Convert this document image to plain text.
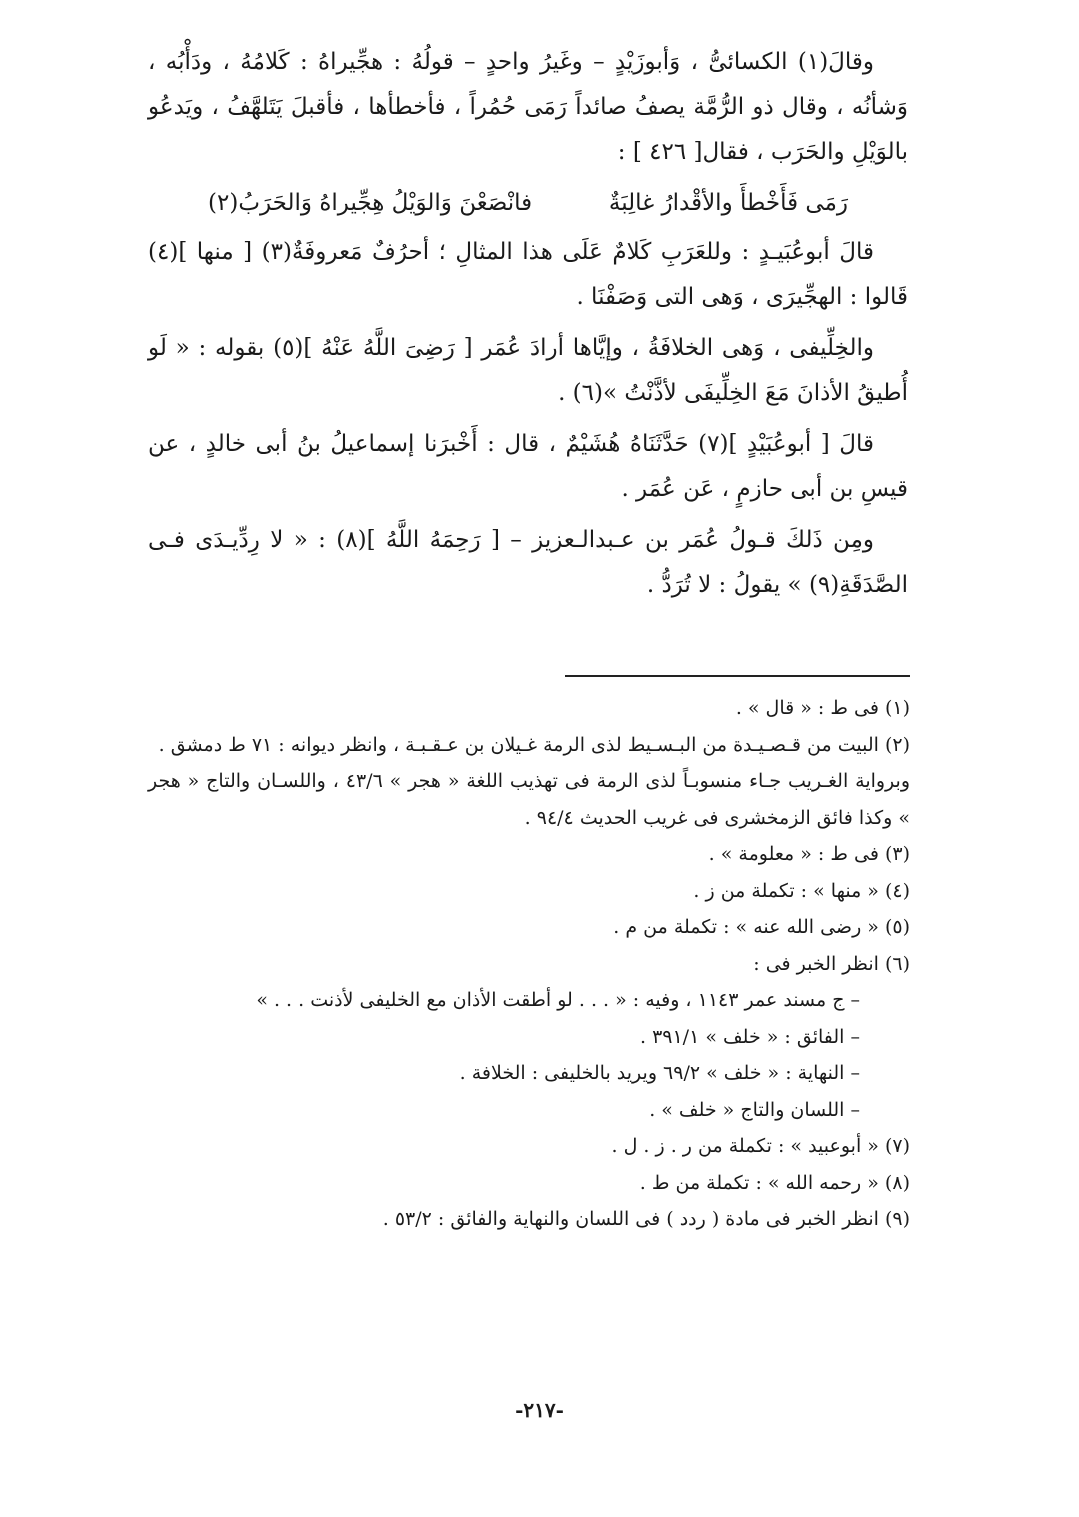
وقالَ(١) الكسائىُّ ، وَأبوزَيْدٍ – وغَيرُ واحدٍ – قولُهُ : هجِّيراهُ : كَلامُهُ ، ودَأْبُه ، وَشأنُه ، وقال ذو الرُّمَّة يصفُ صائداً رَمَى حُمُراً ، فأخطأها ، فأقبلَ يَتَلهَّفُ ، ويَدعُو بالوَيْلِ والحَرَب ، فقال[ ٤٢٦ ] :

رَمَى فَأَخْطأَ والأقْدارُ غالِبَةٌ
فانْصَعْنَ وَالوَيْلُ هِجِّيراهُ وَالحَرَبُ(٢)

قالَ أبوعُبَيـدٍ : وللعَرَبِ كَلامٌ عَلَى هذا المثالِ ؛ أحرُفٌ مَعروفَةٌ(٣) [ منها ](٤) قَالوا : الهجِّيرَى ، وَهى التى وَصَفْنَا .

والخِلِّيفى ، وَهى الخلافَةُ ، وإيَّاها أرادَ عُمَر [ رَضِىَ اللَّهُ عَنْهُ ](٥) بقوله : « لَو أُطيقُ الأذانَ مَعَ الخِلِّيفَى لأذَّنْتُ »(٦) .

قالَ [ أبوعُبَيْدٍ ](٧) حَدَّثَنَاهُ هُشَيْمٌ ، قال : أَخْبرَنا إسماعيلُ بنُ أبى خالدٍ ، عن قيسِ بن أبى حازمٍ ، عَن عُمَر .

ومِن ذَلكَ قـولُ عُمَر بن عـبدالـعزيز – [ رَحِمَهُ اللَّهُ ](٨) : « لا رِدِّيـدَى فـى الصَّدَقَةِ(٩) » يقولُ : لا تُرَدُّ .

(١) فى ط : « قال » .
(٢) البيت من قـصـيـدة من البـسـيط لذى الرمة غـيلان بن عـقـبـة ، وانظر ديوانه : ٧١ ط دمشق .
وبرواية الغـريب جـاء منسوبـاً لذى الرمة فى تهذيب اللغة « هجر » ٤٣/٦ ، واللسـان والتاج « هجر » وكذا فائق الزمخشرى فى غريب الحديث ٩٤/٤ .
(٣) فى ط : « معلومة » .
(٤) « منها » : تكملة من ز .
(٥) « رضى الله عنه » : تكملة من م .
(٦) انظر الخبر فى :
– ج مسند عمر ١١٤٣ ، وفيه : « . . . لو أطقت الأذان مع الخليفى لأذنت . . . »
– الفائق : « خلف » ٣٩١/١ .
– النهاية : « خلف » ٦٩/٢ ويريد بالخليفى : الخلافة .
– اللسان والتاج « خلف » .
(٧) « أبوعبيد » : تكملة من ر . ز . ل .
(٨) « رحمه الله » : تكملة من ط .
(٩) انظر الخبر فى مادة ( ردد ) فى اللسان والنهاية والفائق : ٥٣/٢ .
-٢١٧-
